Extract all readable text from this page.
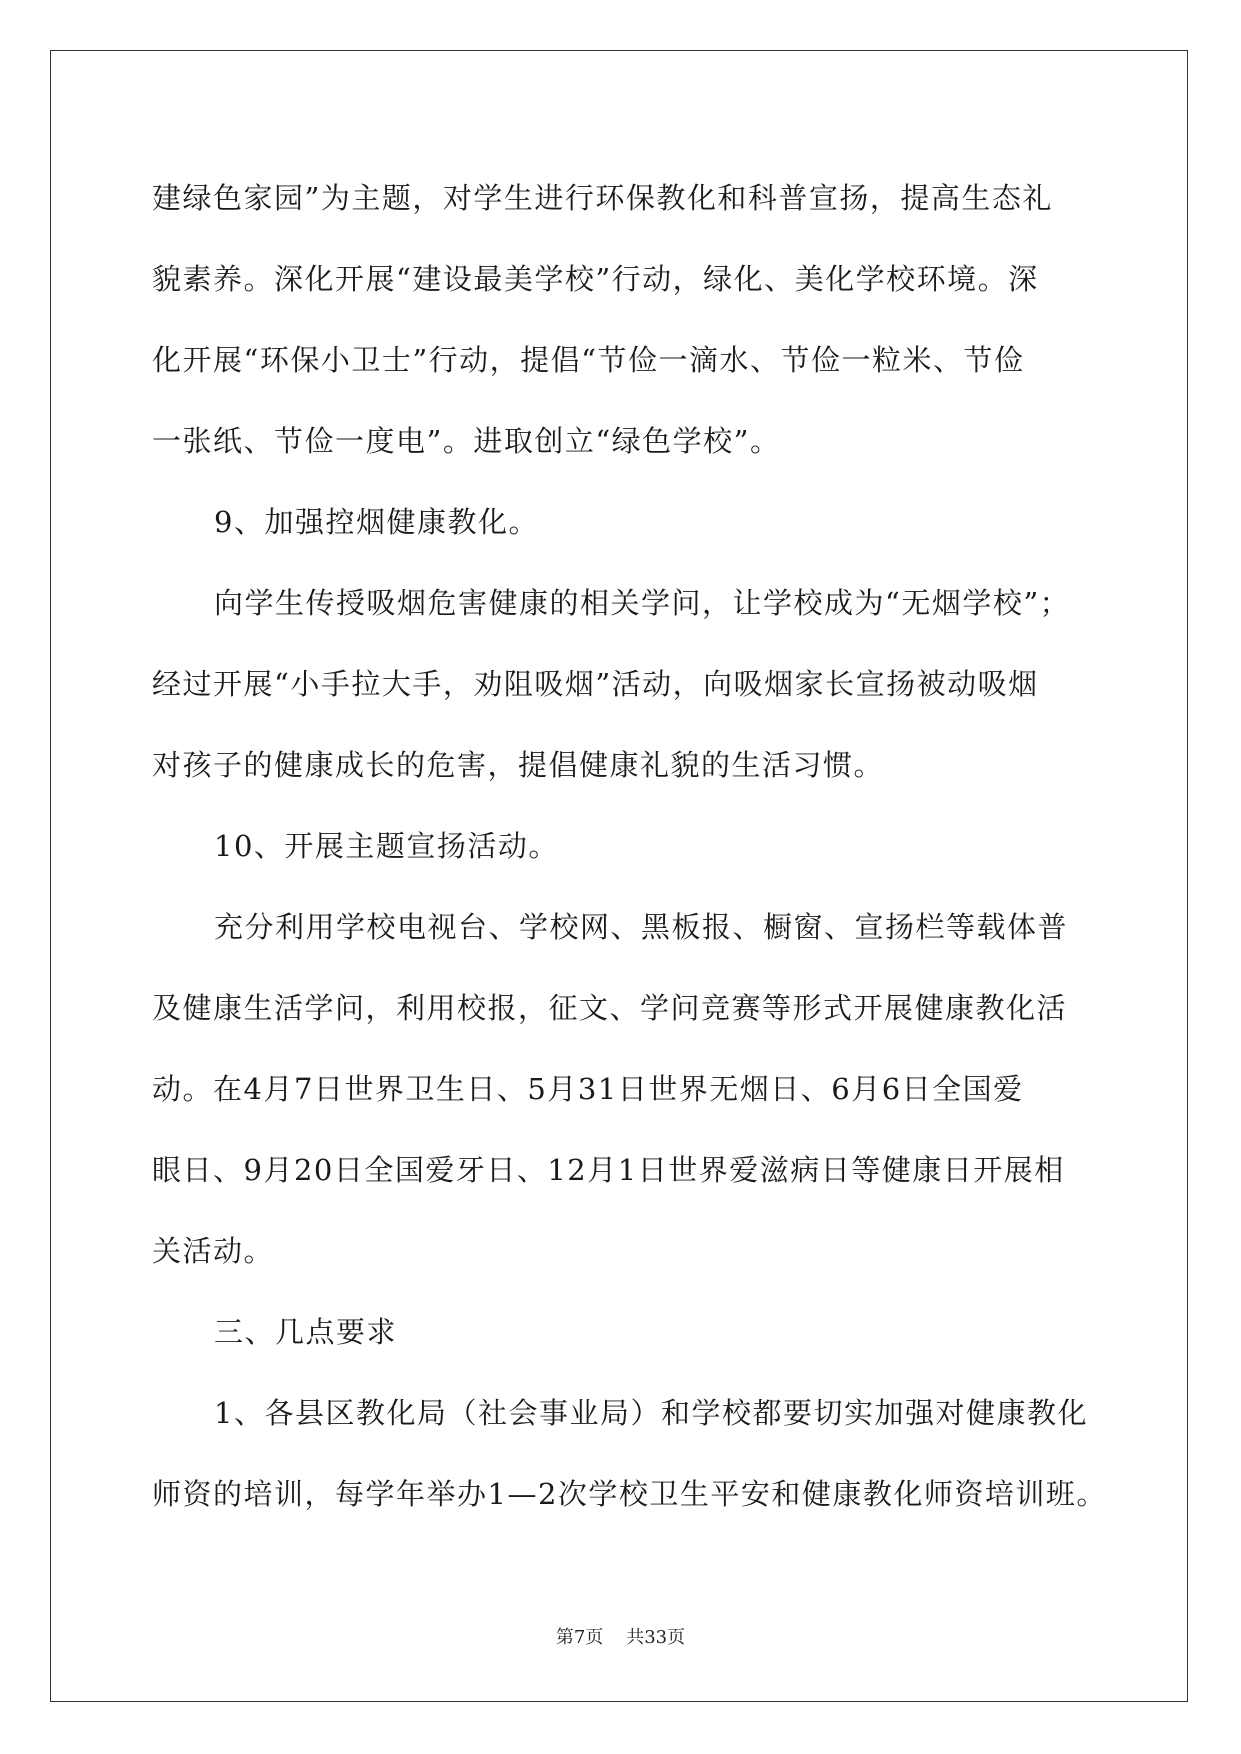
建绿色家园”为主题，对学生进行环保教化和科普宣扬，提高生态礼
貌素养。深化开展“建设最美学校”行动，绿化、美化学校环境。深
化开展“环保小卫士”行动，提倡“节俭一滴水、节俭一粒米、节俭
一张纸、节俭一度电”。进取创立“绿色学校”。
9、加强控烟健康教化。
向学生传授吸烟危害健康的相关学问，让学校成为“无烟学校”；
经过开展“小手拉大手，劝阻吸烟”活动，向吸烟家长宣扬被动吸烟
对孩子的健康成长的危害，提倡健康礼貌的生活习惯。
10、开展主题宣扬活动。
充分利用学校电视台、学校网、黑板报、橱窗、宣扬栏等载体普
及健康生活学问，利用校报，征文、学问竞赛等形式开展健康教化活
动。在4月7日世界卫生日、5月31日世界无烟日、6月6日全国爱
眼日、9月20日全国爱牙日、12月1日世界爱滋病日等健康日开展相
关活动。
三、几点要求
1、各县区教化局（社会事业局）和学校都要切实加强对健康教化
师资的培训，每学年举办1—2次学校卫生平安和健康教化师资培训班。
第7页    共33页
